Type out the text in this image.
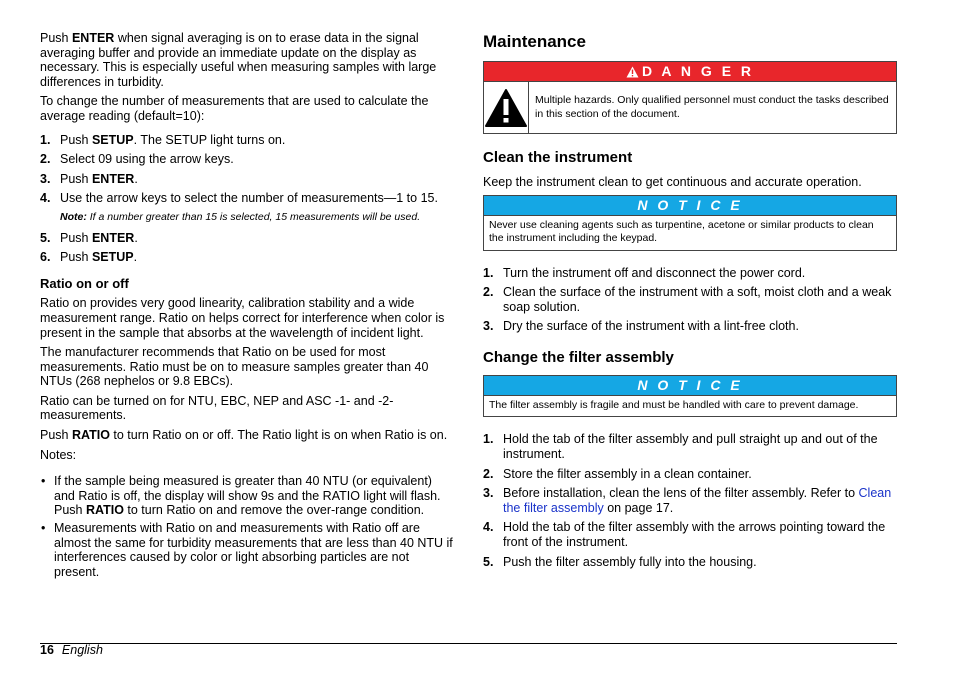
Push ENTER when signal averaging is on to erase data in the signal averaging buffer and provide an immediate update on the display as necessary. This is especially useful when measuring samples with large differences in turbidity.

To change the number of measurements that are used to calculate the average reading (default=10):

1. Push SETUP. The SETUP light turns on.
2. Select 09 using the arrow keys.
3. Push ENTER.
4. Use the arrow keys to select the number of measurements—1 to 15.
Note: If a number greater than 15 is selected, 15 measurements will be used.
5. Push ENTER.
6. Push SETUP.
Ratio on or off

Ratio on provides very good linearity, calibration stability and a wide measurement range. Ratio on helps correct for interference when color is present in the sample that absorbs at the wavelength of incident light.

The manufacturer recommends that Ratio on be used for most measurements. Ratio must be on to measure samples greater than 40 NTUs (268 nephelos or 9.8 EBCs).

Ratio can be turned on for NTU, EBC, NEP and ASC -1- and -2- measurements.

Push RATIO to turn Ratio on or off. The Ratio light is on when Ratio is on.

Notes:

• If the sample being measured is greater than 40 NTU (or equivalent) and Ratio is off, the display will show 9s and the RATIO light will flash. Push RATIO to turn Ratio on and remove the over-range condition.
• Measurements with Ratio on and measurements with Ratio off are almost the same for turbidity measurements that are less than 40 NTU if interferences caused by color or light absorbing particles are not present.
Maintenance
D A N G E R
Multiple hazards. Only qualified personnel must conduct the tasks described in this section of the document.
Clean the instrument

Keep the instrument clean to get continuous and accurate operation.

N O T I C E
Never use cleaning agents such as turpentine, acetone or similar products to clean the instrument including the keypad.
1. Turn the instrument off and disconnect the power cord.
2. Clean the surface of the instrument with a soft, moist cloth and a weak soap solution.
3. Dry the surface of the instrument with a lint-free cloth.
Change the filter assembly
N O T I C E
The filter assembly is fragile and must be handled with care to prevent damage.
1. Hold the tab of the filter assembly and pull straight up and out of the instrument.
2. Store the filter assembly in a clean container.
3. Before installation, clean the lens of the filter assembly. Refer to Clean the filter assembly on page 17.
4. Hold the tab of the filter assembly with the arrows pointing toward the front of the instrument.
5. Push the filter assembly fully into the housing.
16 English
